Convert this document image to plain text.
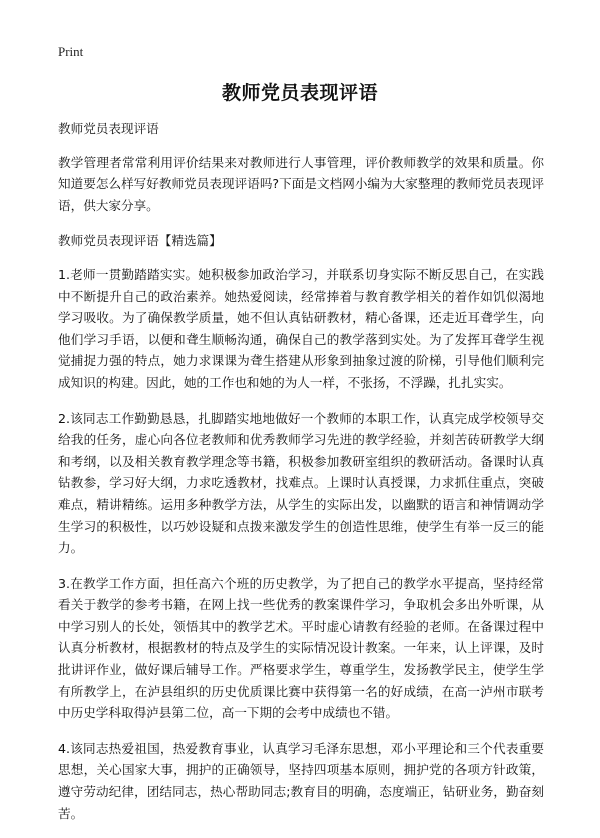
Print
教师党员表现评语

教师党员表现评语

教学管理者常常利用评价结果来对教师进行人事管理，评价教师教学的效果和质量。你知道要怎么样写好教师党员表现评语吗?下面是文档网小编为大家整理的教师党员表现评语，供大家分享。

教师党员表现评语【精选篇】

1.老师一贯勤踏踏实实。她积极参加政治学习，并联系切身实际不断反思自己，在实践中不断提升自己的政治素养。她热爱阅读，经常捧着与教育教学相关的着作如饥似渴地学习吸收。为了确保教学质量，她不但认真钻研教材，精心备课，还走近耳聋学生，向他们学习手语，以便和聋生顺畅沟通，确保自己的教学落到实处。为了发挥耳聋学生视觉捕捉力强的特点，她力求课课为聋生搭建从形象到抽象过渡的阶梯，引导他们顺利完成知识的构建。因此，她的工作也和她的为人一样，不张扬，不浮躁，扎扎实实。

2.该同志工作勤勤恳恳，扎脚踏实地地做好一个教师的本职工作，认真完成学校领导交给我的任务，虚心向各位老教师和优秀教师学习先进的教学经验，并刻苦砖研教学大纲和考纲，以及相关教育教学理念等书籍，积极参加教研室组织的教研活动。备课时认真钻教参，学习好大纲，力求吃透教材，找难点。上课时认真授课，力求抓住重点，突破难点，精讲精练。运用多种教学方法，从学生的实际出发，以幽默的语言和神情调动学生学习的积极性，以巧妙设疑和点拨来激发学生的创造性思维，使学生有举一反三的能力。

3.在教学工作方面，担任高六个班的历史教学，为了把自己的教学水平提高，坚持经常看关于教学的参考书籍，在网上找一些优秀的教案课件学习，争取机会多出外听课，从中学习别人的长处，领悟其中的教学艺术。平时虚心请教有经验的老师。在备课过程中认真分析教材，根据教材的特点及学生的实际情况设计教案。一年来，认上评课，及时批讲评作业，做好课后辅导工作。严格要求学生，尊重学生，发扬教学民主，使学生学有所教学上，在泸县组织的历史优质课比赛中获得第一名的好成绩，在高一泸州市联考中历史学科取得泸县第二位，高一下期的会考中成绩也不错。

4.该同志热爱祖国，热爱教育事业，认真学习毛泽东思想，邓小平理论和三个代表重要思想，关心国家大事，拥护的正确领导，坚持四项基本原则，拥护党的各项方针政策，遵守劳动纪律，团结同志，热心帮助同志;教育目的明确，态度端正，钻研业务，勤奋刻苦。
